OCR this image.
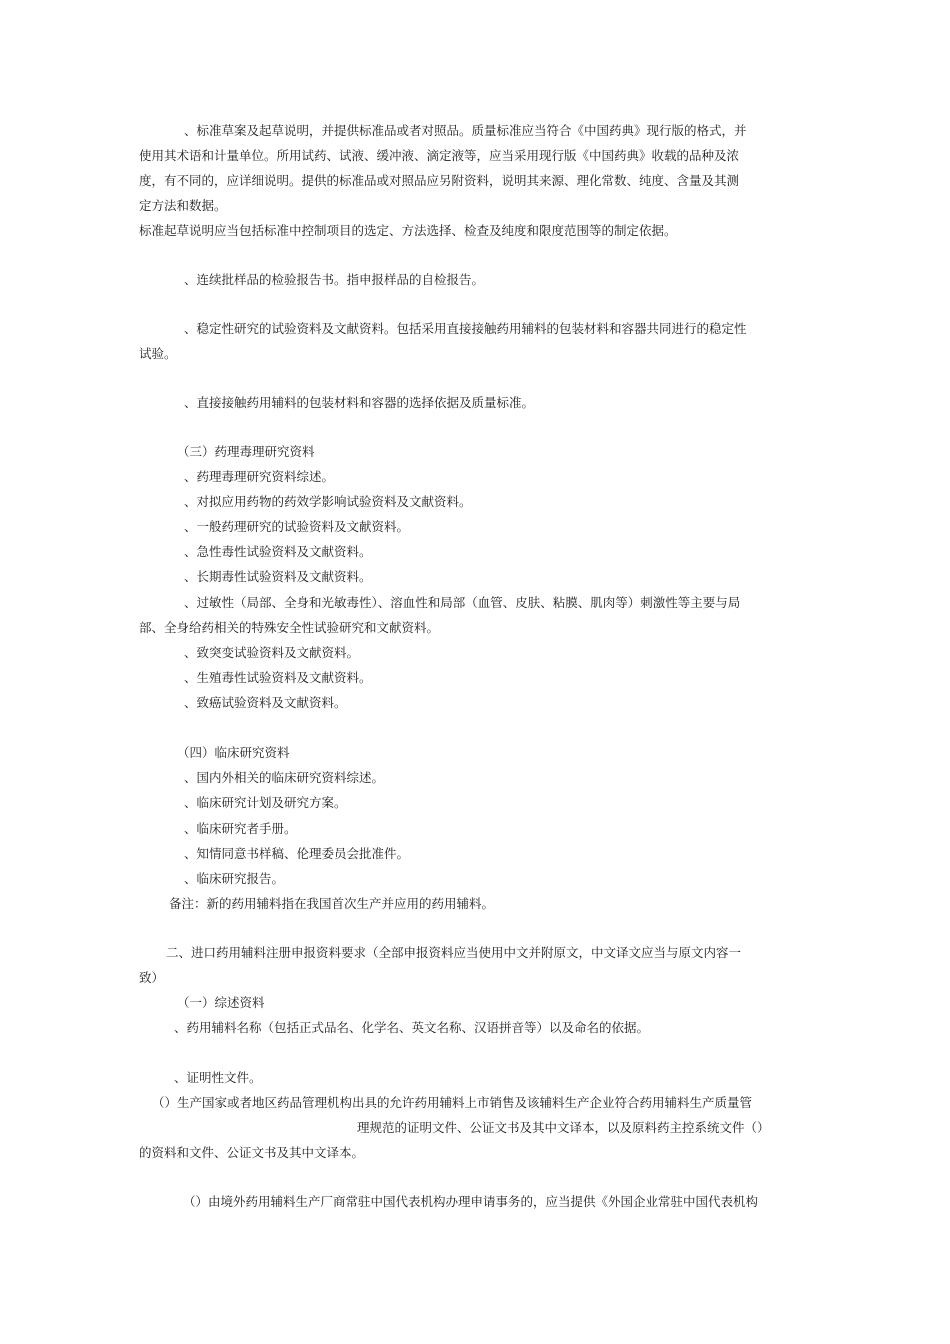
、标准草案及起草说明，并提供标准品或者对照品。质量标准应当符合《中国药典》现行版的格式，并
使用其术语和计量单位。所用试药、试液、缓冲液、滴定液等，应当采用现行版《中国药典》收载的品种及浓
度，有不同的，应详细说明。提供的标准品或对照品应另附资料，说明其来源、理化常数、纯度、含量及其测
定方法和数据。
标准起草说明应当包括标准中控制项目的选定、方法选择、检查及纯度和限度范围等的制定依据。
、连续批样品的检验报告书。指申报样品的自检报告。
、稳定性研究的试验资料及文献资料。包括采用直接接触药用辅料的包装材料和容器共同进行的稳定性
试验。
、直接接触药用辅料的包装材料和容器的选择依据及质量标准。
（三）药理毒理研究资料
、药理毒理研究资料综述。
、对拟应用药物的药效学影响试验资料及文献资料。
、一般药理研究的试验资料及文献资料。
、急性毒性试验资料及文献资料。
、长期毒性试验资料及文献资料。
、过敏性（局部、全身和光敏毒性）、溶血性和局部（血管、皮肤、粘膜、肌肉等）刺激性等主要与局
部、全身给药相关的特殊安全性试验研究和文献资料。
、致突变试验资料及文献资料。
、生殖毒性试验资料及文献资料。
、致癌试验资料及文献资料。
（四）临床研究资料
、国内外相关的临床研究资料综述。
、临床研究计划及研究方案。
、临床研究者手册。
、知情同意书样稿、伦理委员会批准件。
、临床研究报告。
备注：新的药用辅料指在我国首次生产并应用的药用辅料。
二、进口药用辅料注册申报资料要求（全部申报资料应当使用中文并附原文，中文译文应当与原文内容一
致）
（一）综述资料
、药用辅料名称（包括正式品名、化学名、英文名称、汉语拼音等）以及命名的依据。
、证明性文件。
（）生产国家或者地区药品管理机构出具的允许药用辅料上市销售及该辅料生产企业符合药用辅料生产质量管
理规范的证明文件、公证文书及其中文译本，以及原料药主控系统文件（）
的资料和文件、公证文书及其中文译本。
（）由境外药用辅料生产厂商常驻中国代表机构办理申请事务的，应当提供《外国企业常驻中国代表机构
